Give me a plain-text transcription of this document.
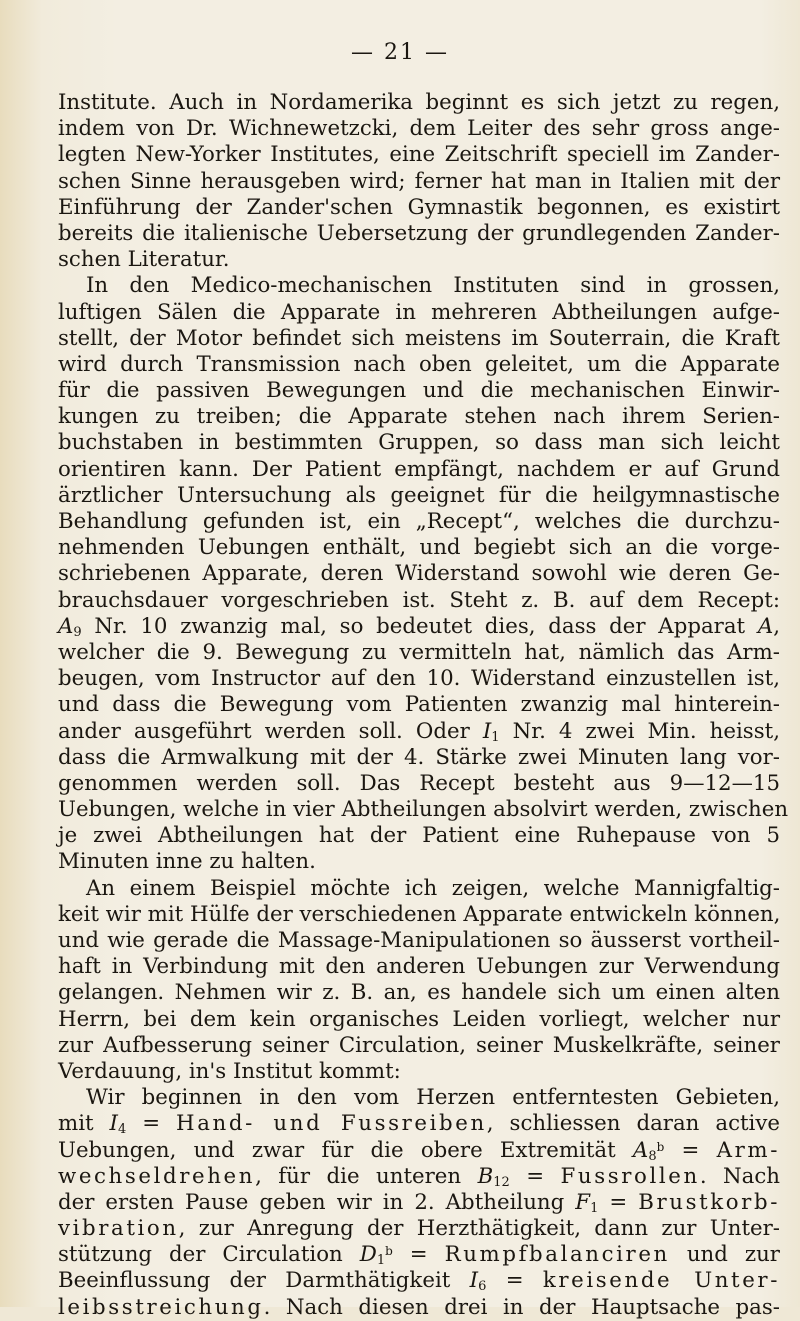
— 21 —
Institute. Auch in Nordamerika beginnt es sich jetzt zu regen,
indem von Dr. Wichnewetzcki, dem Leiter des sehr gross ange-
legten New-Yorker Institutes, eine Zeitschrift speciell im Zander-
schen Sinne herausgeben wird; ferner hat man in Italien mit der
Einführung der Zander'schen Gymnastik begonnen, es existirt
bereits die italienische Uebersetzung der grundlegenden Zander-
schen Literatur.
In den Medico-mechanischen Instituten sind in grossen,
luftigen Sälen die Apparate in mehreren Abtheilungen aufge-
stellt, der Motor befindet sich meistens im Souterrain, die Kraft
wird durch Transmission nach oben geleitet, um die Apparate
für die passiven Bewegungen und die mechanischen Einwir-
kungen zu treiben; die Apparate stehen nach ihrem Serien-
buchstaben in bestimmten Gruppen, so dass man sich leicht
orientiren kann. Der Patient empfängt, nachdem er auf Grund
ärztlicher Untersuchung als geeignet für die heilgymnastische
Behandlung gefunden ist, ein „Recept“, welches die durchzu-
nehmenden Uebungen enthält, und begiebt sich an die vorge-
schriebenen Apparate, deren Widerstand sowohl wie deren Ge-
brauchsdauer vorgeschrieben ist. Steht z. B. auf dem Recept:
$A_9$ Nr. 10 zwanzig mal, so bedeutet dies, dass der Apparat A,
welcher die 9. Bewegung zu vermitteln hat, nämlich das Arm-
beugen, vom Instructor auf den 10. Widerstand einzustellen ist,
und dass die Bewegung vom Patienten zwanzig mal hinterein-
ander ausgeführt werden soll. Oder $I_1$ Nr. 4 zwei Min. heisst,
dass die Armwalkung mit der 4. Stärke zwei Minuten lang vor-
genommen werden soll. Das Recept besteht aus 9—12—15
Uebungen, welche in vier Abtheilungen absolvirt werden, zwischen
je zwei Abtheilungen hat der Patient eine Ruhepause von 5
Minuten inne zu halten.
An einem Beispiel möchte ich zeigen, welche Mannigfaltig-
keit wir mit Hülfe der verschiedenen Apparate entwickeln können,
und wie gerade die Massage-Manipulationen so äusserst vortheil-
haft in Verbindung mit den anderen Uebungen zur Verwendung
gelangen. Nehmen wir z. B. an, es handele sich um einen alten
Herrn, bei dem kein organisches Leiden vorliegt, welcher nur
zur Aufbesserung seiner Circulation, seiner Muskelkräfte, seiner
Verdauung, in's Institut kommt:
Wir beginnen in den vom Herzen entferntesten Gebieten,
mit $I_4$ = Hand- und Fussreiben, schliessen daran active
Uebungen, und zwar für die obere Extremität $A_8^b = Arm-$
wechseldrehen, für die unteren $B_{12}$ = Fussrollen. Nach
der ersten Pause geben wir in 2. Abtheilung $F_1$ = Brustkorb-
vibration, zur Anregung der Herzthätigkeit, dann zur Unter-
stützung der Circulation $D_1^b$ = Rumpfbalanciren und zur
Beeinflussung der Darmthätigkeit $I_6$ = kreisende Unter-
leibsstreichung. Nach diesen drei in der Hauptsache pas-
